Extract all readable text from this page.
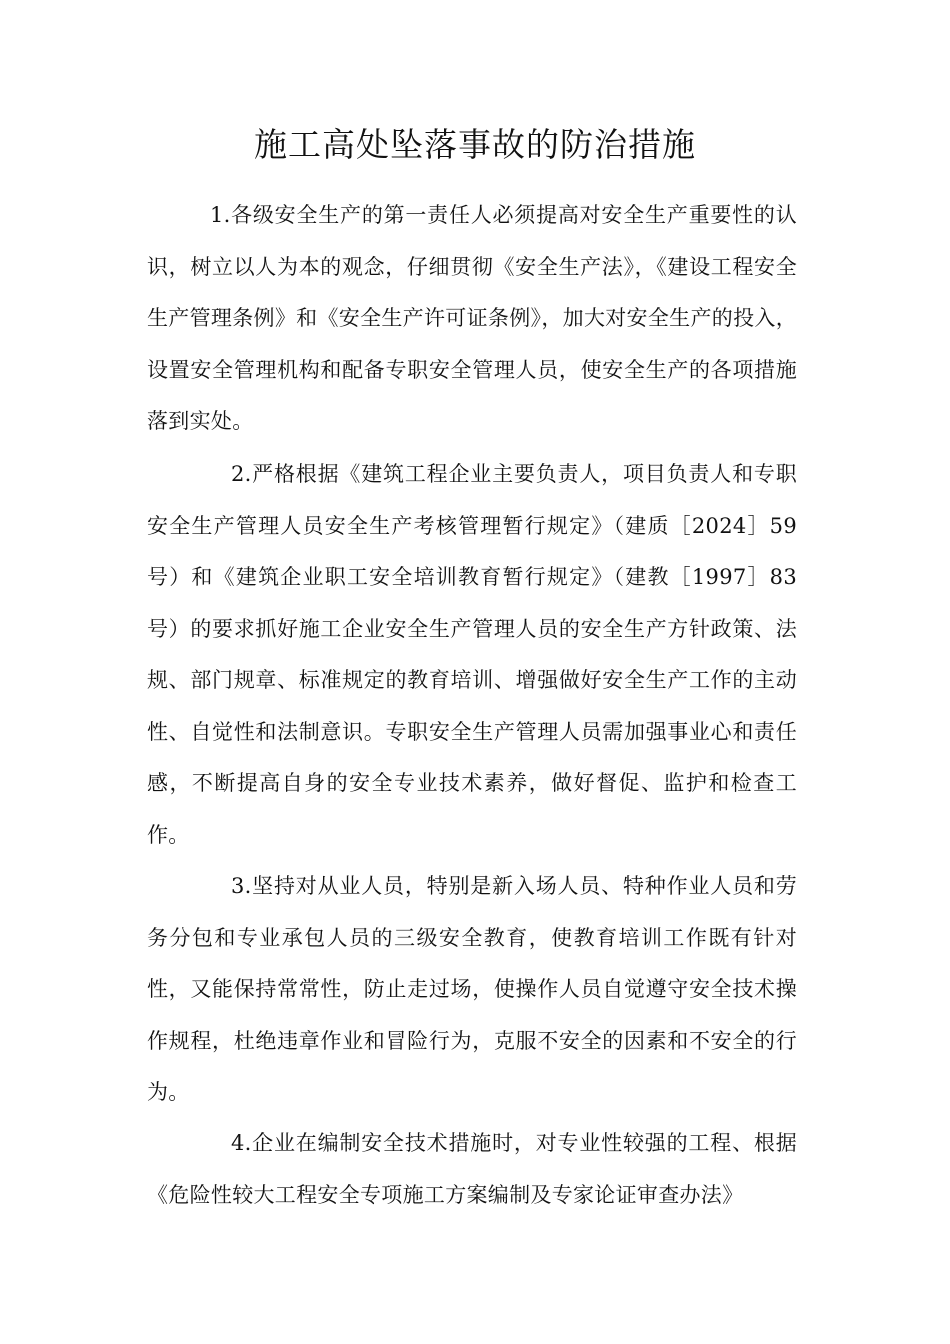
施工高处坠落事故的防治措施

1.各级安全生产的第一责任人必须提高对安全生产重要性的认识，树立以人为本的观念，仔细贯彻《安全生产法》，《建设工程安全生产管理条例》和《安全生产许可证条例》，加大对安全生产的投入，设置安全管理机构和配备专职安全管理人员，使安全生产的各项措施落到实处。

2.严格根据《建筑工程企业主要负责人，项目负责人和专职安全生产管理人员安全生产考核管理暂行规定》（建质［2024］59号）和《建筑企业职工安全培训教育暂行规定》（建教［1997］83号）的要求抓好施工企业安全生产管理人员的安全生产方针政策、法规、部门规章、标准规定的教育培训、增强做好安全生产工作的主动性、自觉性和法制意识。专职安全生产管理人员需加强事业心和责任感，不断提高自身的安全专业技术素养，做好督促、监护和检查工作。

3.坚持对从业人员，特别是新入场人员、特种作业人员和劳务分包和专业承包人员的三级安全教育，使教育培训工作既有针对性，又能保持常常性，防止走过场，使操作人员自觉遵守安全技术操作规程，杜绝违章作业和冒险行为，克服不安全的因素和不安全的行为。

4.企业在编制安全技术措施时，对专业性较强的工程、根据《危险性较大工程安全专项施工方案编制及专家论证审查办法》
